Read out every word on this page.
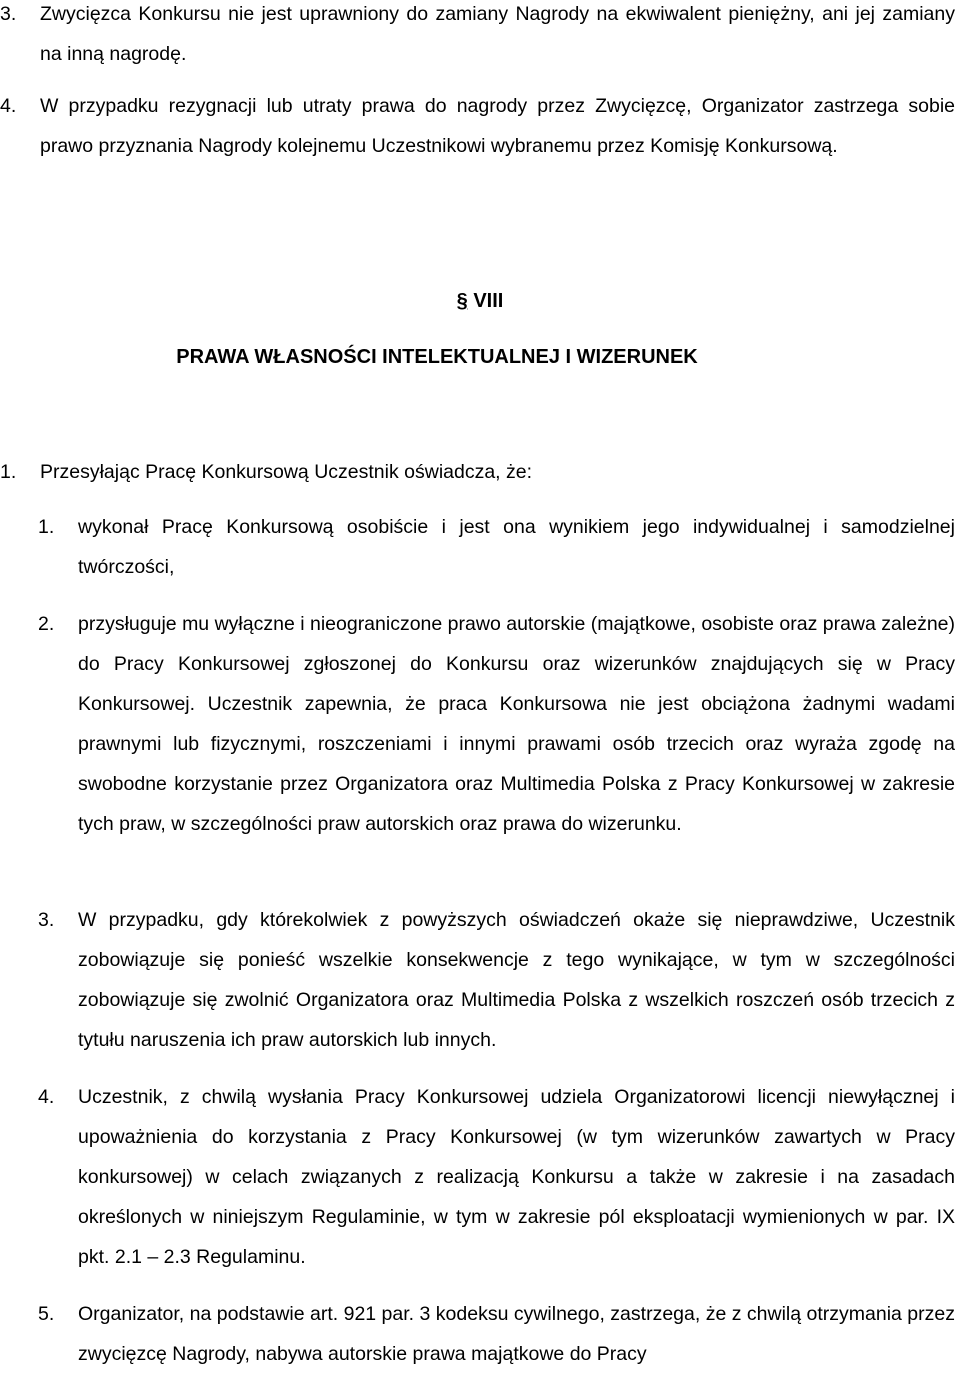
3.	Zwycięzca Konkursu nie jest uprawniony do zamiany Nagrody na ekwiwalent pieniężny, ani jej zamiany na inną nagrodę.
4.	W przypadku rezygnacji lub utraty prawa do nagrody przez Zwycięzcę, Organizator zastrzega sobie prawo przyznania Nagrody kolejnemu Uczestnikowi wybranemu przez Komisję Konkursową.
§ VIII
PRAWA WŁASNOŚCI INTELEKTUALNEJ I WIZERUNEK
1.	Przesyłając Pracę Konkursową Uczestnik oświadcza, że:
1.	wykonał Pracę Konkursową osobiście i jest ona wynikiem jego indywidualnej i samodzielnej twórczości,
2.	przysługuje mu wyłączne i nieograniczone prawo autorskie (majątkowe, osobiste oraz prawa zależne) do Pracy Konkursowej zgłoszonej do Konkursu oraz wizerunków znajdujących się w Pracy Konkursowej. Uczestnik zapewnia, że praca Konkursowa nie jest obciążona żadnymi wadami prawnymi lub fizycznymi, roszczeniami i innymi prawami osób trzecich oraz wyraża zgodę na swobodne korzystanie przez Organizatora oraz Multimedia Polska z Pracy Konkursowej w zakresie tych praw, w szczególności praw autorskich oraz prawa do wizerunku.
3.	W przypadku, gdy którekolwiek z powyższych oświadczeń okaże się nieprawdziwe, Uczestnik zobowiązuje się ponieść wszelkie konsekwencje z tego wynikające, w tym w szczególności zobowiązuje się zwolnić Organizatora oraz Multimedia Polska z wszelkich roszczeń osób trzecich z tytułu naruszenia ich praw autorskich lub innych.
4.	Uczestnik, z chwilą wysłania Pracy Konkursowej udziela Organizatorowi licencji niewyłącznej i upoważnienia do korzystania z Pracy Konkursowej (w tym wizerunków zawartych w Pracy konkursowej) w celach związanych z realizacją Konkursu a także w zakresie i na zasadach określonych w niniejszym Regulaminie, w tym w zakresie pól eksploatacji wymienionych w par. IX pkt. 2.1 – 2.3 Regulaminu.
5.	Organizator, na podstawie art. 921 par. 3 kodeksu cywilnego, zastrzega, że z chwilą otrzymania przez zwycięzcę Nagrody, nabywa autorskie prawa majątkowe do Pracy
